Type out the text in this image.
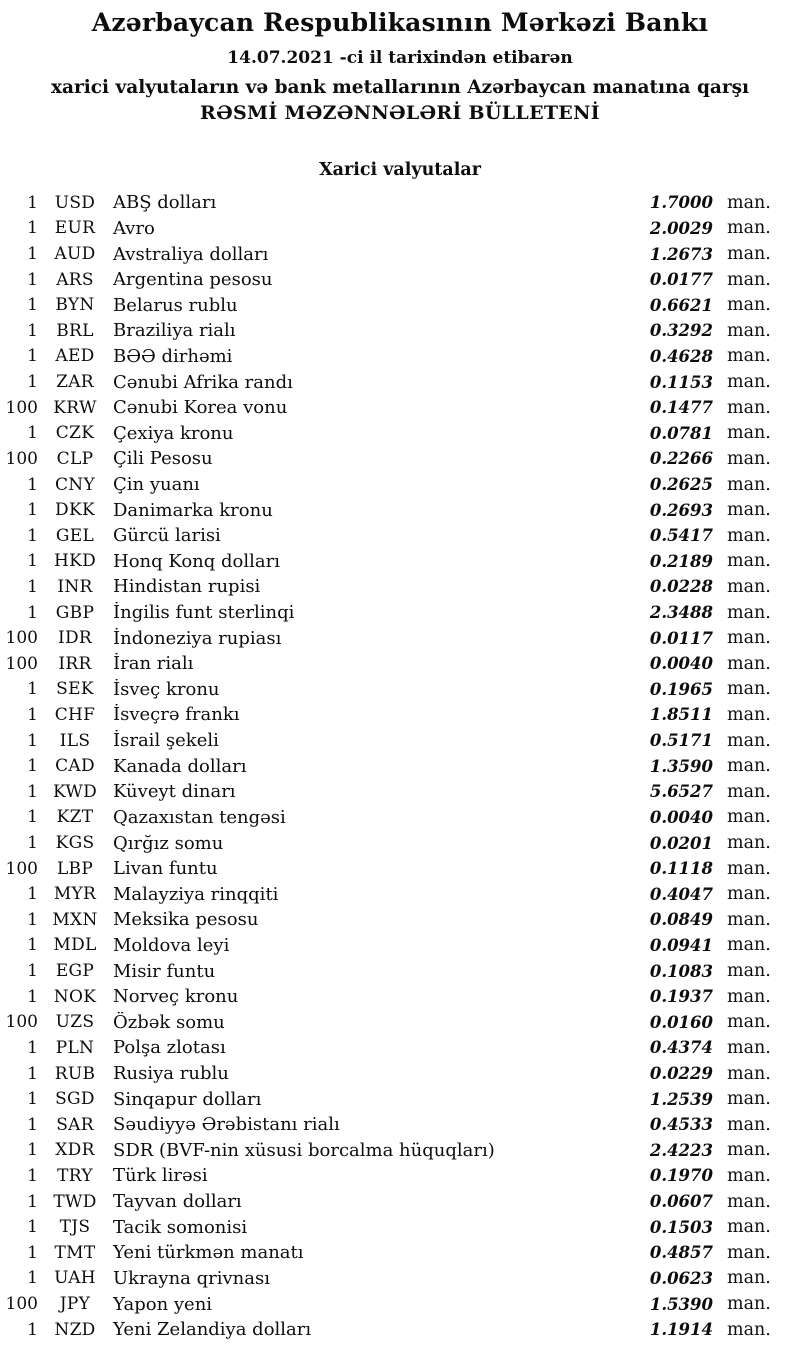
Azərbaycan Respublikasının Mərkəzi Bankı
14.07.2021 -ci il tarixindən etibarən
xarici valyutaların və bank metallarının Azərbaycan manatına qarşı
RƏSMİ MƏZƏNNƏLƏRİ BÜLLETENİ
Xarici valyutalar
1 USD ABŞ dolları	1.7000 man.
1 EUR Avro	2.0029 man.
1 AUD Avstraliya dolları	1.2673 man.
1	ARS	Argentina pesosu	0.0177 man.
1	BYN	Belarus rublu	0.6621 man.
1	BRL	Braziliya rialı	0.3292 man.
1	AED	BƏƏ dirhəmi	0.4628 man.
1	ZAR	Cənubi Afrika randı	0.1153 man.
100 KRW Cənubi Korea vonu	0.1477 man.
1	CZK	Çexiya kronu	0.0781 man.
100	CLP	Çili Pesosu	0.2266 man.
1 CNY	Çin yuanı	0.2625 man.
1	DKK	Danimarka kronu	0.2693 man.
1	GEL	Gürcü larisi	0.5417 man.
1 HKD Honq Konq dolları	0.2189 man.
1	INR	Hindistan rupisi	0.0228 man.
1	GBP	İngilis funt sterlinqi	2.3488 man.
100	IDR	İndoneziya rupiası	0.0117 man.
100	IRR	İran rialı	0.0040 man.
1	SEK	İsveç kronu	0.1965 man.
1 CHF İsveçrə frankı	1.8511 man.
1	ILS	İsrail şekeli	0.5171 man.
1	CAD	Kanada dolları	1.3590 man.
1 KWD Küveyt dinarı	5.6527 man.
1	KZT	Qazaxıstan tengəsi	0.0040 man.
1	KGS	Qırğız somu	0.0201 man.
100	LBP	Livan funtu	0.1118 man.
1 MYR Malayziya rinqqiti	0.4047 man.
1 MXN Meksika pesosu	0.0849 man.
1 MDL Moldova leyi	0.0941 man.
1	EGP	Misir funtu	0.1083 man.
1 NOK Norveç kronu	0.1937 man.
100	UZS	Özbək somu	0.0160 man.
1	PLN	Polşa zlotası	0.4374 man.
1 RUB Rusiya rublu	0.0229 man.
1	SGD	Sinqapur dolları	1.2539 man.
1	SAR	Səudiyyə Ərəbistanı rialı	0.4533 man.
1	XDR	SDR (BVF-nin xüsusi borcalma hüquqları)	2.4223 man.
1	TRY	Türk lirəsi	0.1970 man.
1 TWD Tayvan dolları	0.0607 man.
1	TJS	Tacik somonisi	0.1503 man.
1 TMT Yeni türkmən manatı	0.4857 man.
1 UAH Ukrayna qrivnası	0.0623 man.
100	JPY	Yapon yeni	1.5390 man.
1 NZD Yeni Zelandiya dolları	1.1914 man.
